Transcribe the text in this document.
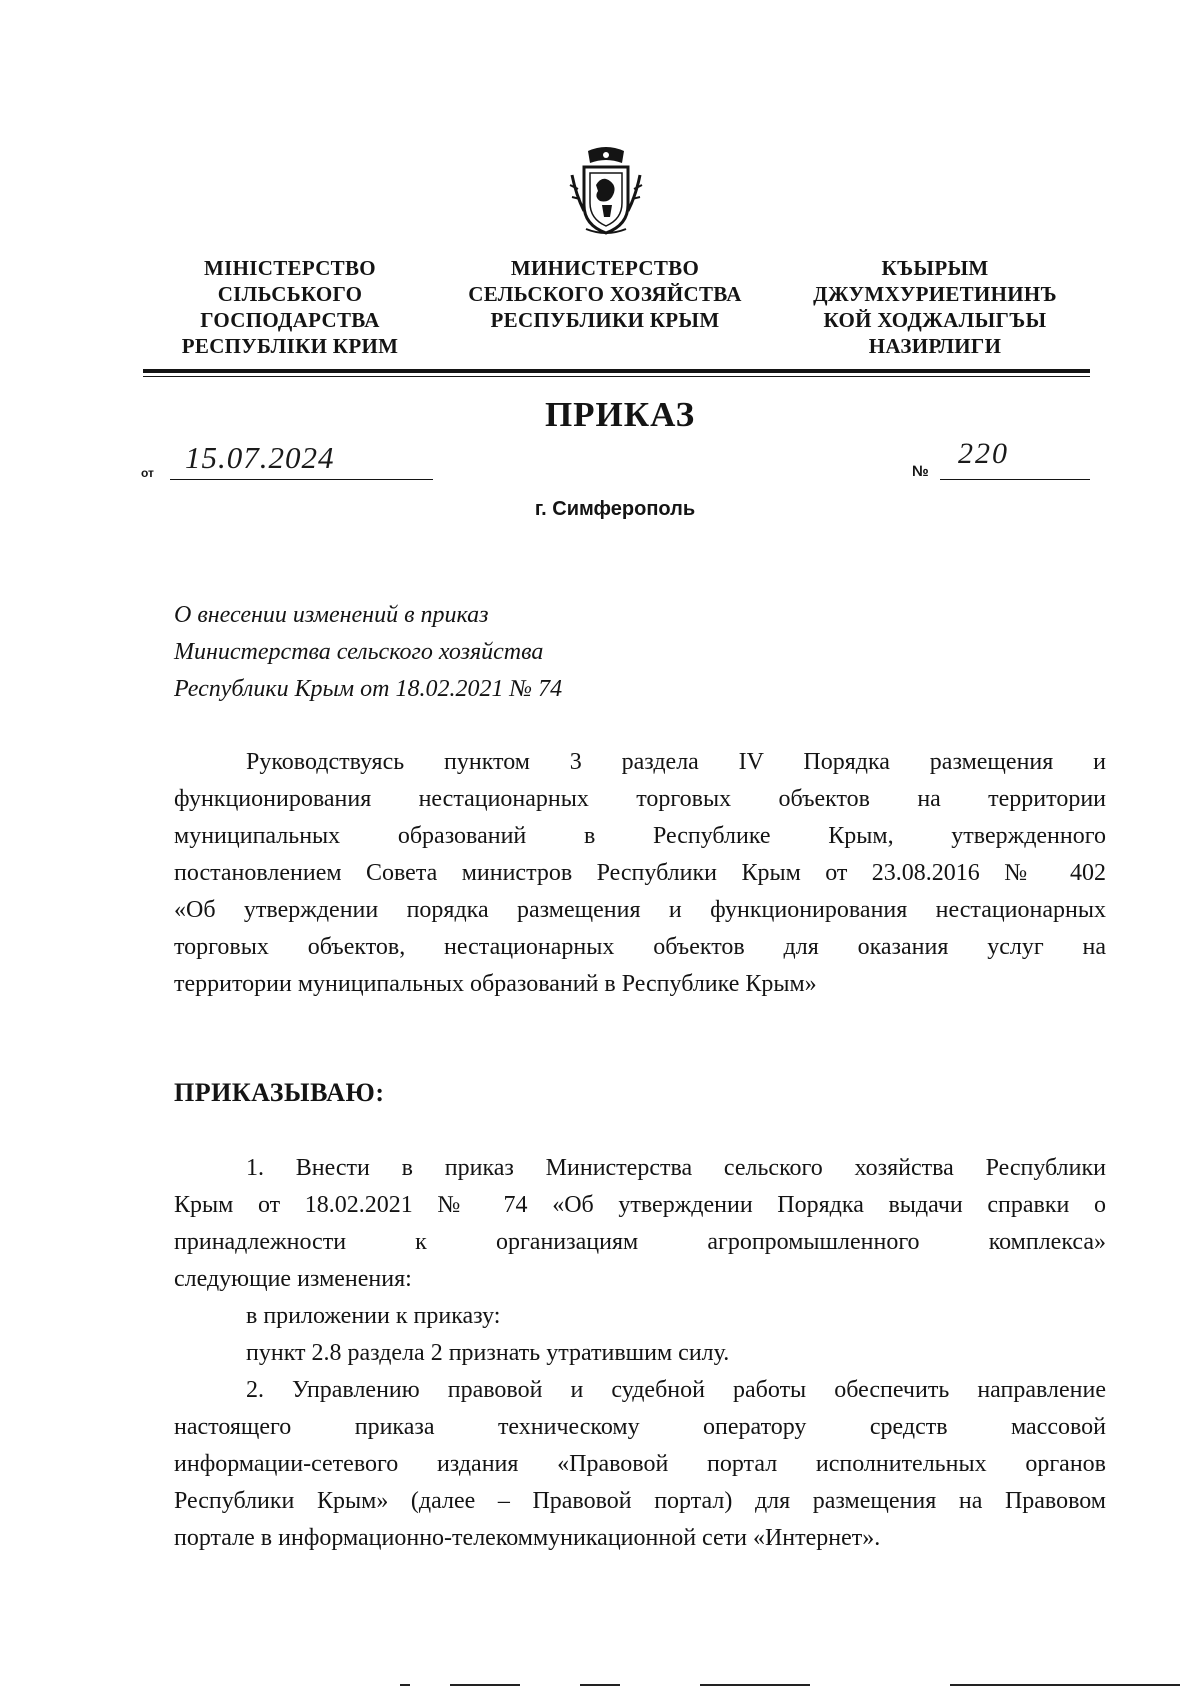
МІНІСТЕРСТВО
СІЛЬСЬКОГО
ГОСПОДАРСТВА
РЕСПУБЛІКИ КРИМ
МИНИСТЕРСТВО
СЕЛЬСКОГО ХОЗЯЙСТВА
РЕСПУБЛИКИ КРЫМ
КЪЫРЫМ
ДЖУМХУРИЕТИНИНЪ
КОЙ ХОДЖАЛЫГЪЫ
НАЗИРЛИГИ
ПРИКАЗ
от 15.07.2024	№
220
г. Симферополь
О внесении изменений в приказ
Министерства сельского хозяйства
Республики Крым от 18.02.2021 № 74
Руководствуясь пунктом 3 раздела IV Порядка размещения и
функционирования нестационарных торговых объектов на территории
муниципальных образований в Республике Крым, утвержденного
постановлением Совета министров Республики Крым от 23.08.2016 № 402
«Об утверждении порядка размещения и функционирования нестационарных
торговых объектов, нестационарных объектов для оказания услуг на
территории муниципальных образований в Республике Крым»
ПРИКАЗЫВАЮ:
1. Внести в приказ Министерства сельского хозяйства Республики
Крым от 18.02.2021 № 74 «Об утверждении Порядка выдачи справки о
принадлежности к организациям агропромышленного комплекса»
следующие изменения:
в приложении к приказу:
пункт 2.8 раздела 2 признать утратившим силу.
2. Управлению правовой и судебной работы обеспечить направление
настоящего приказа техническому оператору средств массовой
информации-сетевого издания «Правовой портал исполнительных органов
Республики Крым» (далее – Правовой портал) для размещения на Правовом
портале в информационно-телекоммуникационной сети «Интернет».
